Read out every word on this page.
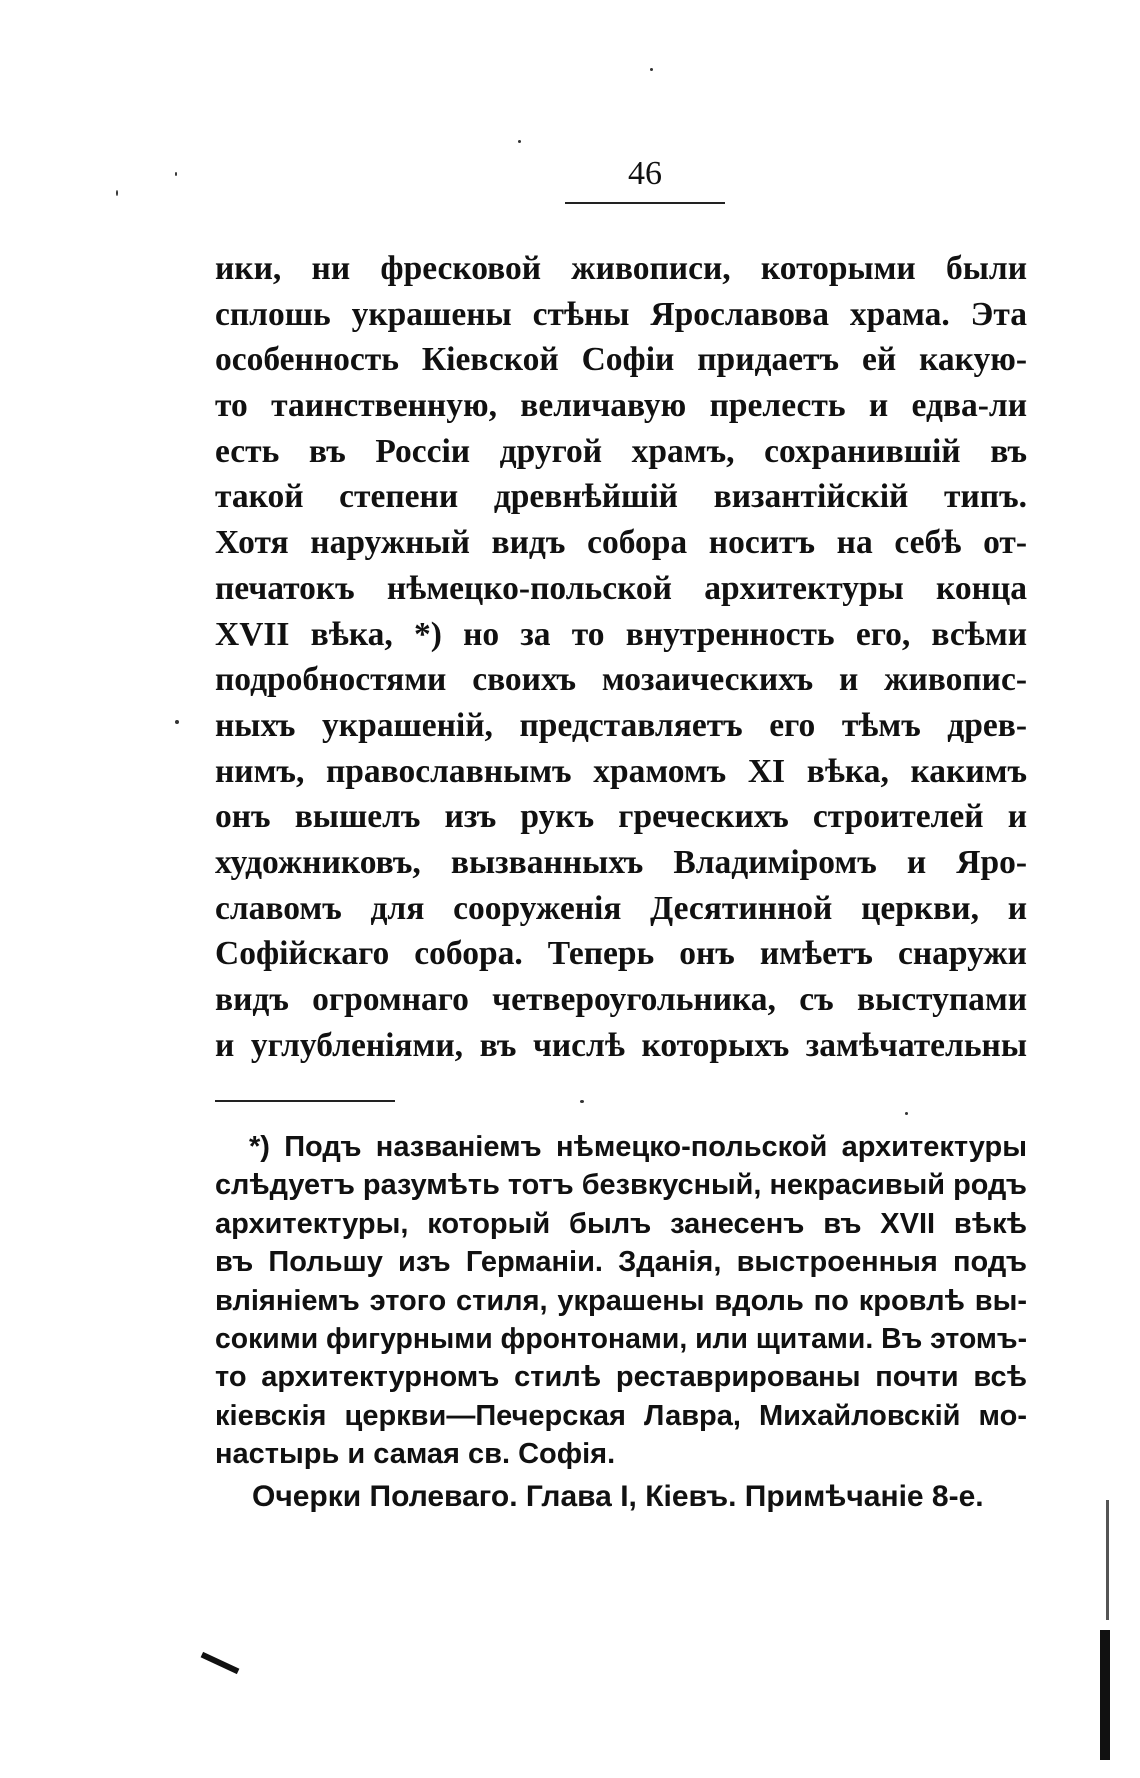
46
ики, ни фресковой живописи, которыми были
сплошь украшены стѣны Ярославова храма. Эта
особенность Кіевской Софіи придаетъ ей какую-
то таинственную, величавую прелесть и едва-ли
есть въ Россіи другой храмъ, сохранившій въ
такой степени древнѣйшій византійскій типъ.
Хотя наружный видъ собора носитъ на себѣ от-
печатокъ нѣмецко-польской архитектуры конца
XVII вѣка, *) но за то внутренность его, всѣми
подробностями своихъ мозаическихъ и живопис-
ныхъ украшеній, представляетъ его тѣмъ древ-
нимъ, православнымъ храмомъ XI вѣка, какимъ
онъ вышелъ изъ рукъ греческихъ строителей и
художниковъ, вызванныхъ Владиміромъ и Яро-
славомъ для сооруженія Десятинной церкви, и
Софійскаго собора. Теперь онъ имѣетъ снаружи
видъ огромнаго четвероугольника, съ выступами
и углубленіями, въ числѣ которыхъ замѣчательны
*) Подъ названіемъ нѣмецко-польской архитектуры
слѣдуетъ разумѣть тотъ безвкусный, некрасивый родъ
архитектуры, который былъ занесенъ въ XVII вѣкѣ
въ Польшу изъ Германіи. Зданія, выстроенныя подъ
вліяніемъ этого стиля, украшены вдоль по кровлѣ вы-
сокими фигурными фронтонами, или щитами. Въ этомъ-
то архитектурномъ стилѣ реставрированы почти всѣ
кіевскія церкви—Печерская Лавра, Михайловскій мо-
настырь и самая св. Софія.
Очерки Полеваго. Глава I, Кіевъ. Примѣчаніе 8-е.
